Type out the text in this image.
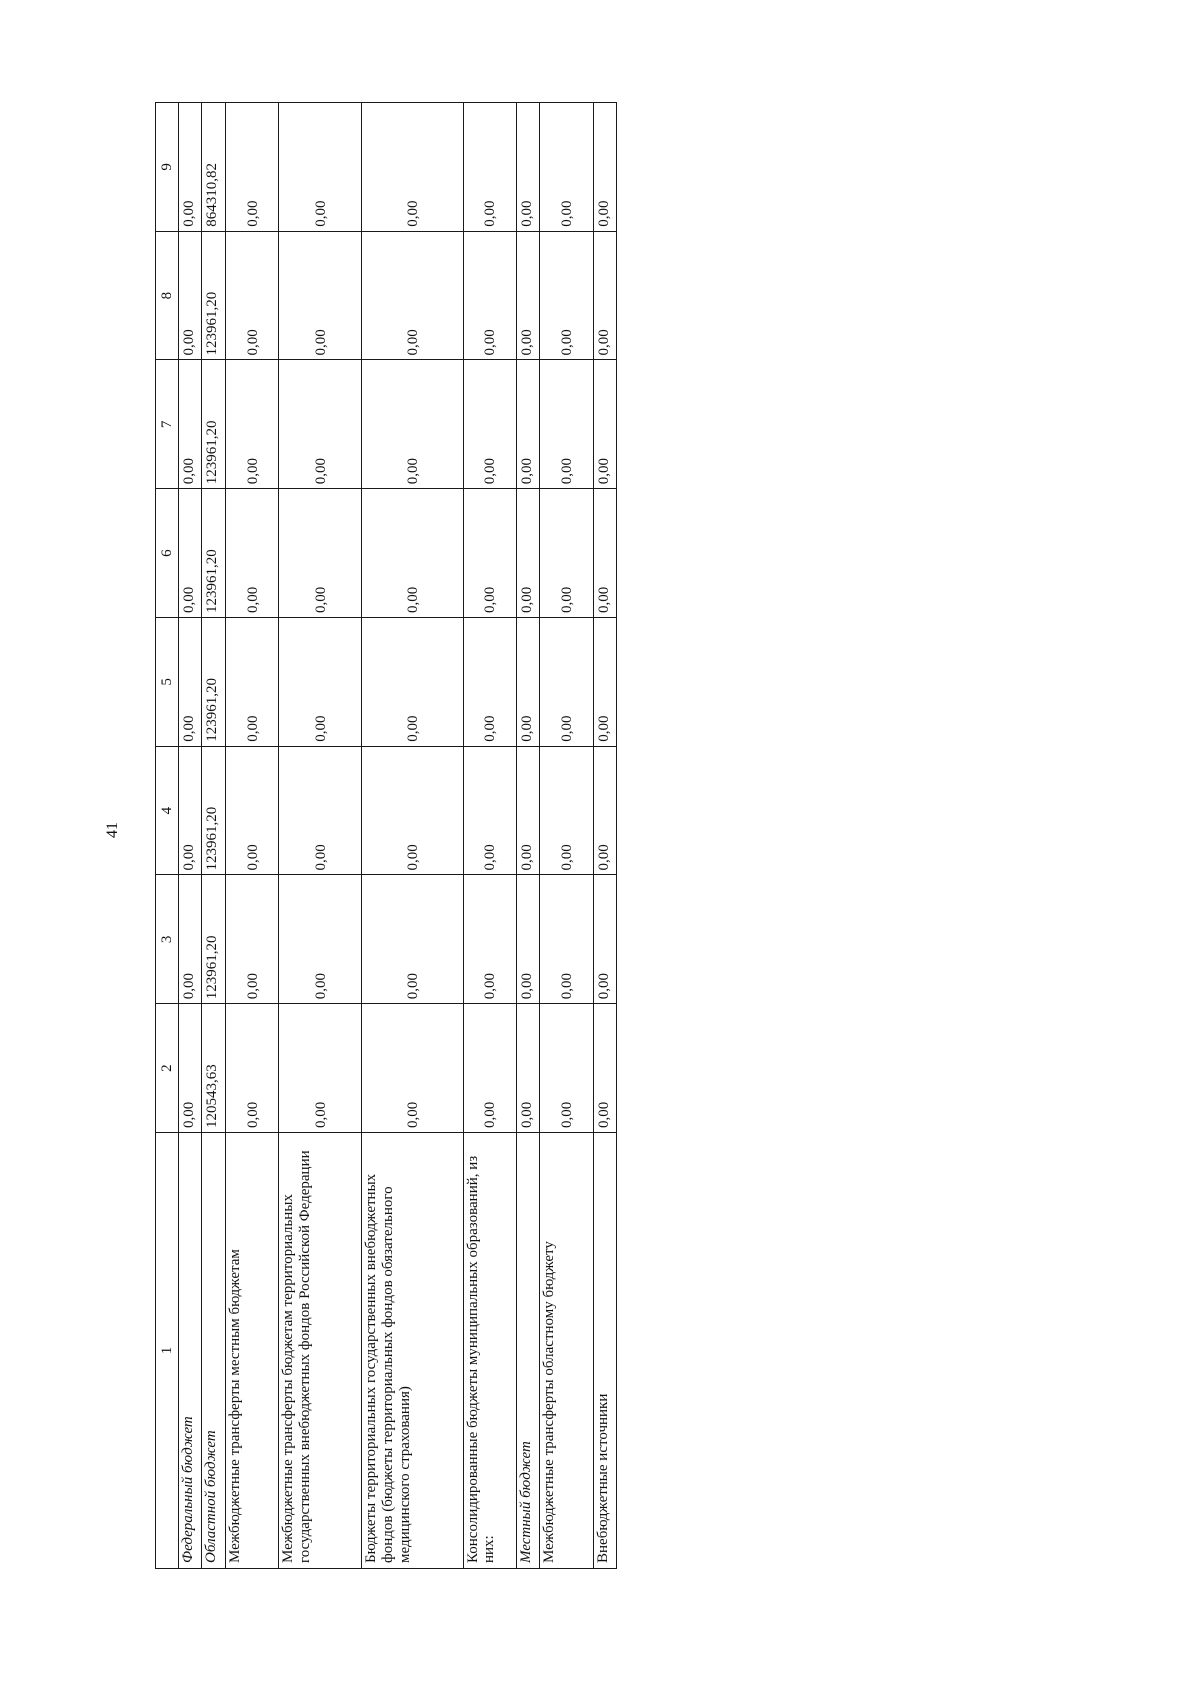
41
1	2	3	4	5	6	7	8	9
Федеральный бюджет	0,00	0,00	0,00	0,00	0,00	0,00	0,00	0,00
Областной бюджет	120543,63	123961,20	123961,20	123961,20	123961,20	123961,20	123961,20	864310,82
Межбюджетные трансферты местным бюджетам	0,00	0,00	0,00	0,00	0,00	0,00	0,00	0,00
Межбюджетные трансферты бюджетам территориальных государственных внебюджетных фондов Российской Федерации	0,00	0,00	0,00	0,00	0,00	0,00	0,00	0,00
Бюджеты территориальных государственных внебюджетных фондов (бюджеты территориальных фондов обязательного медицинского страхования)	0,00	0,00	0,00	0,00	0,00	0,00	0,00	0,00
Консолидированные бюджеты муниципальных образований, из них:	0,00	0,00	0,00	0,00	0,00	0,00	0,00	0,00
Местный бюджет	0,00	0,00	0,00	0,00	0,00	0,00	0,00	0,00
Межбюджетные трансферты областному бюджету	0,00	0,00	0,00	0,00	0,00	0,00	0,00	0,00
Внебюджетные источники	0,00	0,00	0,00	0,00	0,00	0,00	0,00	0,00
